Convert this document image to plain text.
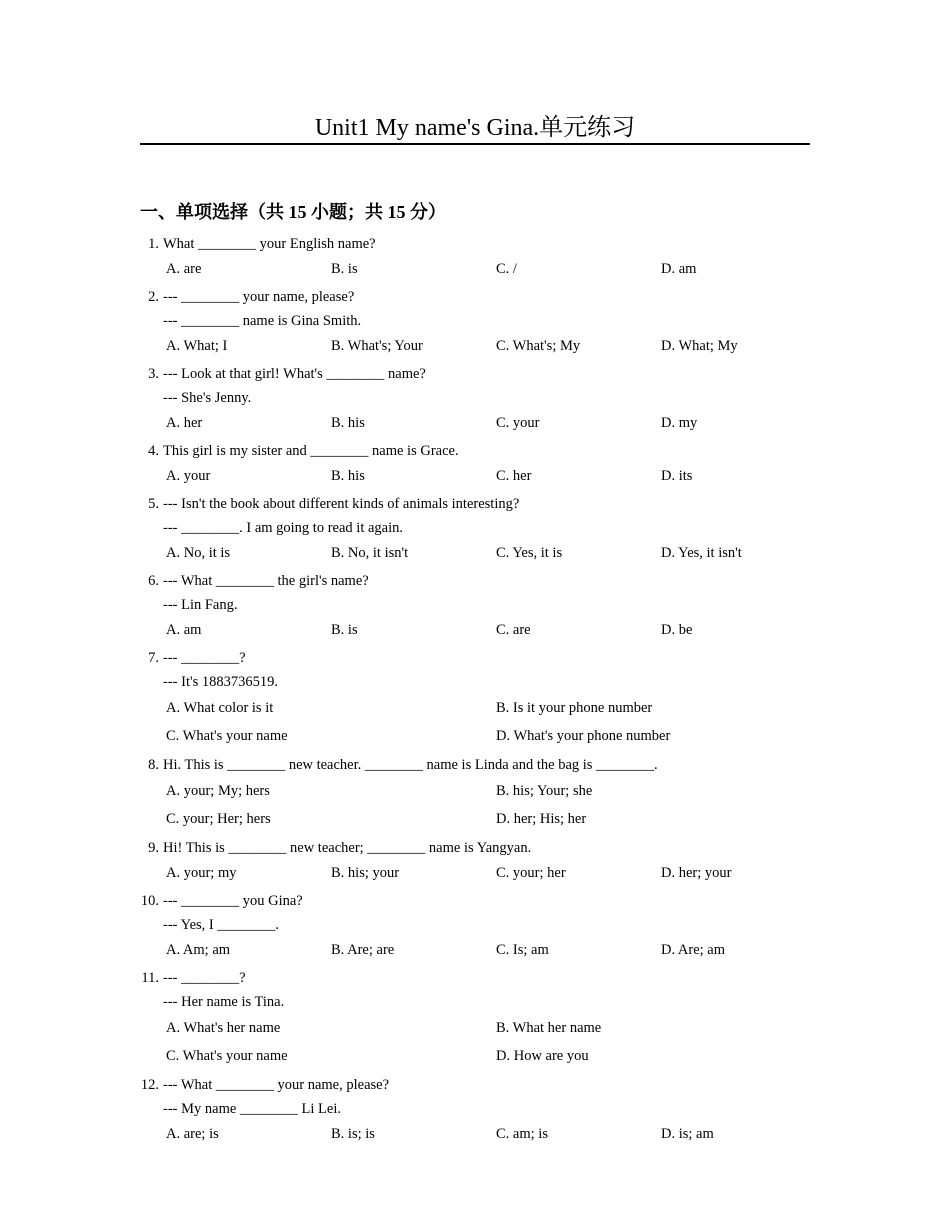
Unit1 My name's Gina.单元练习
一、单项选择（共 15 小题；共 15 分）
1. What ________ your English name?
A. are	B. is	C. /	D. am
2. --- ________ your name, please?
--- ________ name is Gina Smith.
A. What; I	B. What's; Your	C. What's; My	D. What; My
3. --- Look at that girl! What's ________ name?
--- She's Jenny.
A. her	B. his	C. your	D. my
4. This girl is my sister and ________ name is Grace.
A. your	B. his	C. her	D. its
5. --- Isn't the book about different kinds of animals interesting?
--- ________. I am going to read it again.
A. No, it is	B. No, it isn't	C. Yes, it is	D. Yes, it isn't
6. --- What ________ the girl's name?
--- Lin Fang.
A. am	B. is	C. are	D. be
7. --- ________?
--- It's 1883736519.
A. What color is it	B. Is it your phone number
C. What's your name	D. What's your phone number
8. Hi. This is ________ new teacher. ________ name is Linda and the bag is ________.
A. your; My; hers	B. his; Your; she
C. your; Her; hers	D. her; His; her
9. Hi! This is ________ new teacher; ________ name is Yangyan.
A. your; my	B. his; your	C. your; her	D. her; your
10. --- ________ you Gina?
--- Yes, I ________.
A. Am; am	B. Are; are	C. Is; am	D. Are; am
11. --- ________?
--- Her name is Tina.
A. What's her name	B. What her name
C. What's your name	D. How are you
12. --- What ________ your name, please?
--- My name ________ Li Lei.
A. are; is	B. is; is	C. am; is	D. is; am
